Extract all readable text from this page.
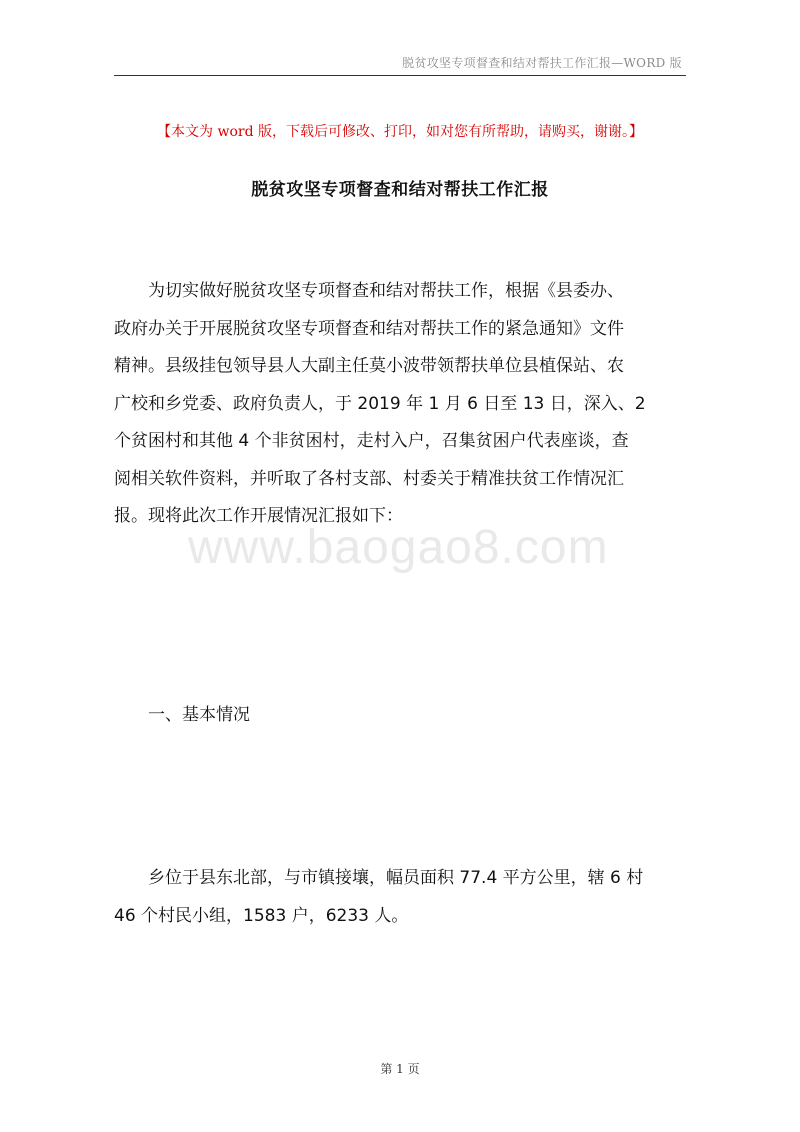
脱贫攻坚专项督查和结对帮扶工作汇报—WORD 版
【本文为 word 版，下载后可修改、打印，如对您有所帮助，请购买，谢谢。】
脱贫攻坚专项督查和结对帮扶工作汇报
　　为切实做好脱贫攻坚专项督查和结对帮扶工作，根据《县委办、
政府办关于开展脱贫攻坚专项督查和结对帮扶工作的紧急通知》文件
精神。县级挂包领导县人大副主任莫小波带领帮扶单位县植保站、农
广校和乡党委、政府负责人，于 2019 年 1 月 6 日至 13 日，深入、2
个贫困村和其他 4 个非贫困村，走村入户，召集贫困户代表座谈，查
阅相关软件资料，并听取了各村支部、村委关于精准扶贫工作情况汇
报。现将此次工作开展情况汇报如下：
www.baogao8.com
一、基本情况
　　乡位于县东北部，与市镇接壤，幅员面积 77.4 平方公里，辖 6 村
46 个村民小组，1583 户，6233 人。
第 1 页
